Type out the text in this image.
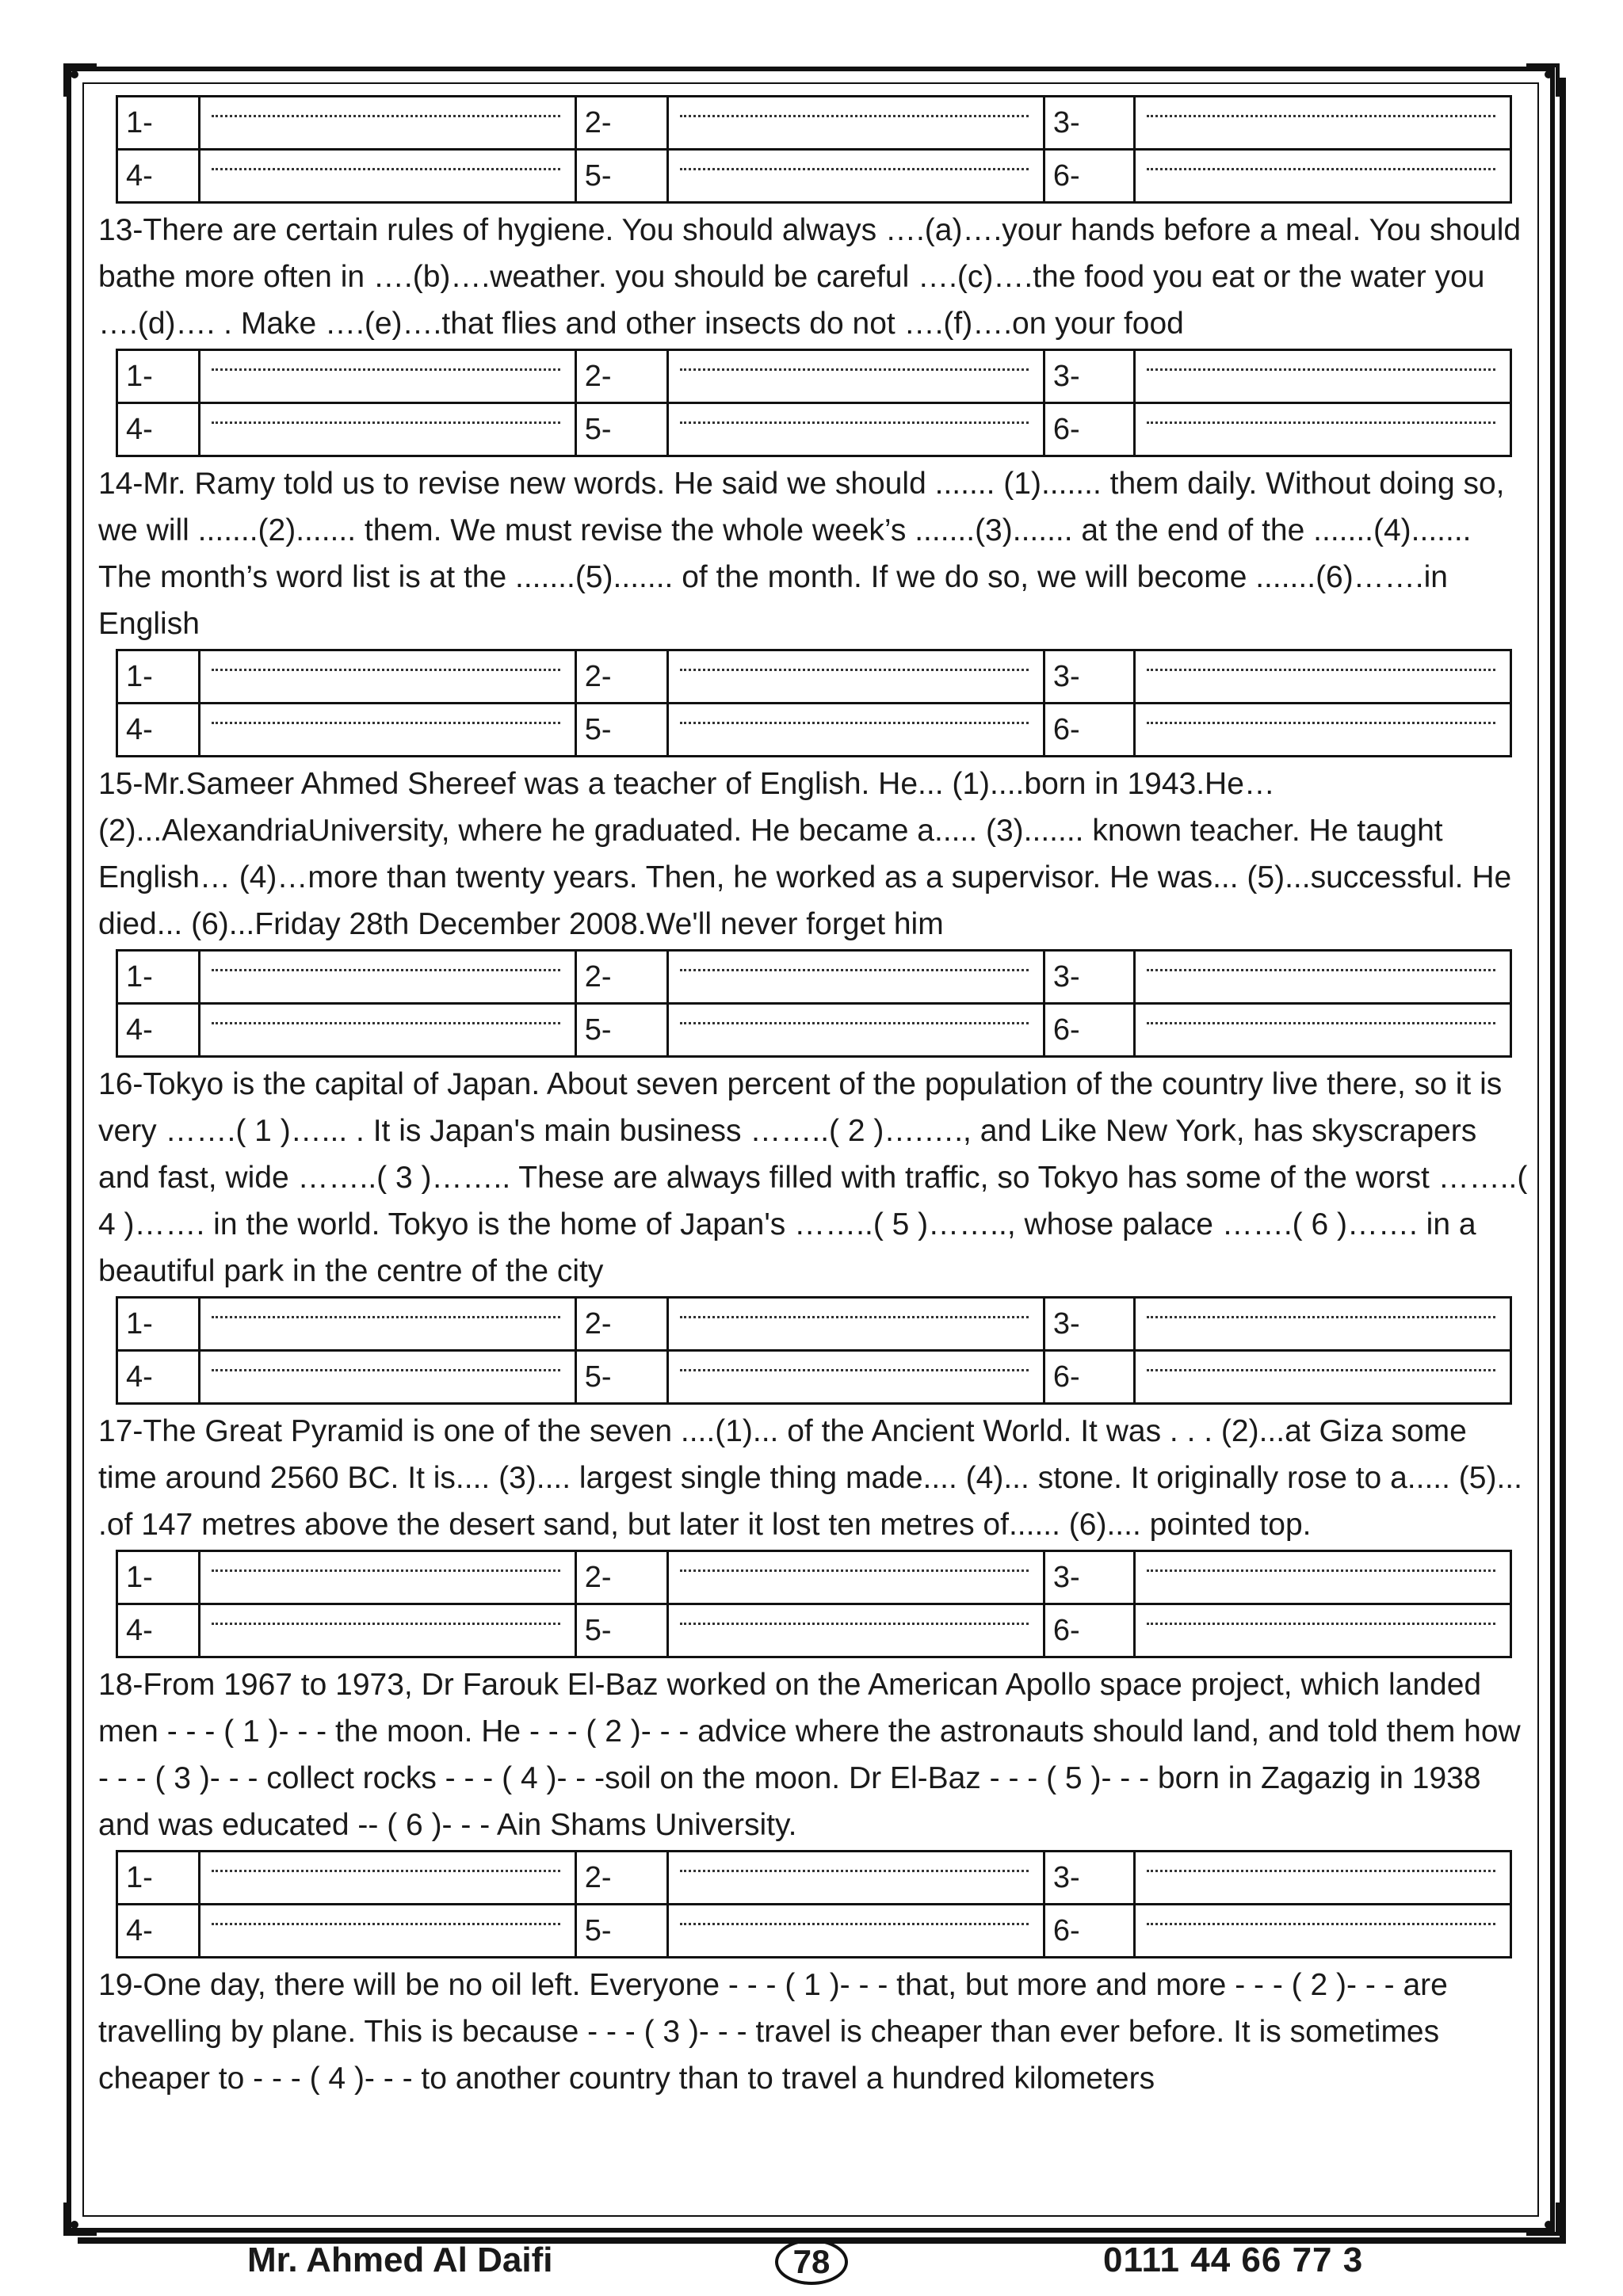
1-		2-		3-	

4-		5-		6-	

13-There are certain rules of hygiene. You should always ….(a)….your hands before a meal. You should bathe more often in ….(b)….weather. you should be careful ….(c)….the food you eat or the water you ….(d)…. . Make ….(e)….that flies and other insects do not ….(f)….on your food

1-		2-		3-	

4-		5-		6-	

14-Mr. Ramy told us to revise new words. He said we should ....... (1)....... them daily. Without doing so, we will .......(2)....... them. We must revise the whole week’s .......(3)....... at the end of the .......(4)....... The month’s word list is at the .......(5)....... of the month. If we do so, we will become .......(6)…….in English

1-		2-		3-	

4-		5-		6-	

15-Mr.Sameer Ahmed Shereef was a teacher of English. He... (1)....born in 1943.He… (2)...AlexandriaUniversity, where he graduated. He became a..... (3)....... known teacher. He taught English… (4)…more than twenty years. Then, he worked as a supervisor. He was... (5)...successful. He died... (6)...Friday 28th December 2008.We'll never forget him

1-		2-		3-	

4-		5-		6-	

16-Tokyo is the capital of Japan. About seven percent of the population of the country live there, so it is very …….( 1 )…... . It is Japan's main business ……..( 2 )….…., and Like New York, has skyscrapers and fast, wide ……..( 3 )…….. These are always filled with traffic, so Tokyo has some of the worst ……..( 4 )……. in the world. Tokyo is the home of Japan's ……..( 5 )…….., whose palace …….( 6 )……. in a beautiful park in the centre of the city

1-		2-		3-	

4-		5-		6-	

17-The Great Pyramid is one of the seven ....(1)... of the Ancient World. It was . . . (2)...at Giza some time around 2560 BC. It is.... (3).... largest single thing made.... (4)... stone. It originally rose to a..... (5)... .of 147 metres above the desert sand, but later it lost ten metres of...... (6).... pointed top.

1-		2-		3-	

4-		5-		6-	

18-From 1967 to 1973, Dr Farouk El-Baz worked on the American Apollo space project, which landed men - - - ( 1 )- - - the moon. He - - - ( 2 )- - - advice where the astronauts should land, and told them how - - - ( 3 )- - - collect rocks - - - ( 4 )- - -soil on the moon. Dr El-Baz - - - ( 5 )- - - born in Zagazig in 1938 and was educated -- ( 6 )- - - Ain Shams University.

1-		2-		3-	

4-		5-		6-	

19-One day, there will be no oil left. Everyone - - - ( 1 )- - - that, but more and more - - - ( 2 )- - - are travelling by plane. This is because - - - ( 3 )- - - travel is cheaper than ever before. It is sometimes cheaper to - - - ( 4 )- - - to another country than to travel a hundred kilometers

Mr. Ahmed Al Daifi	78	0111 44 66 77 3
